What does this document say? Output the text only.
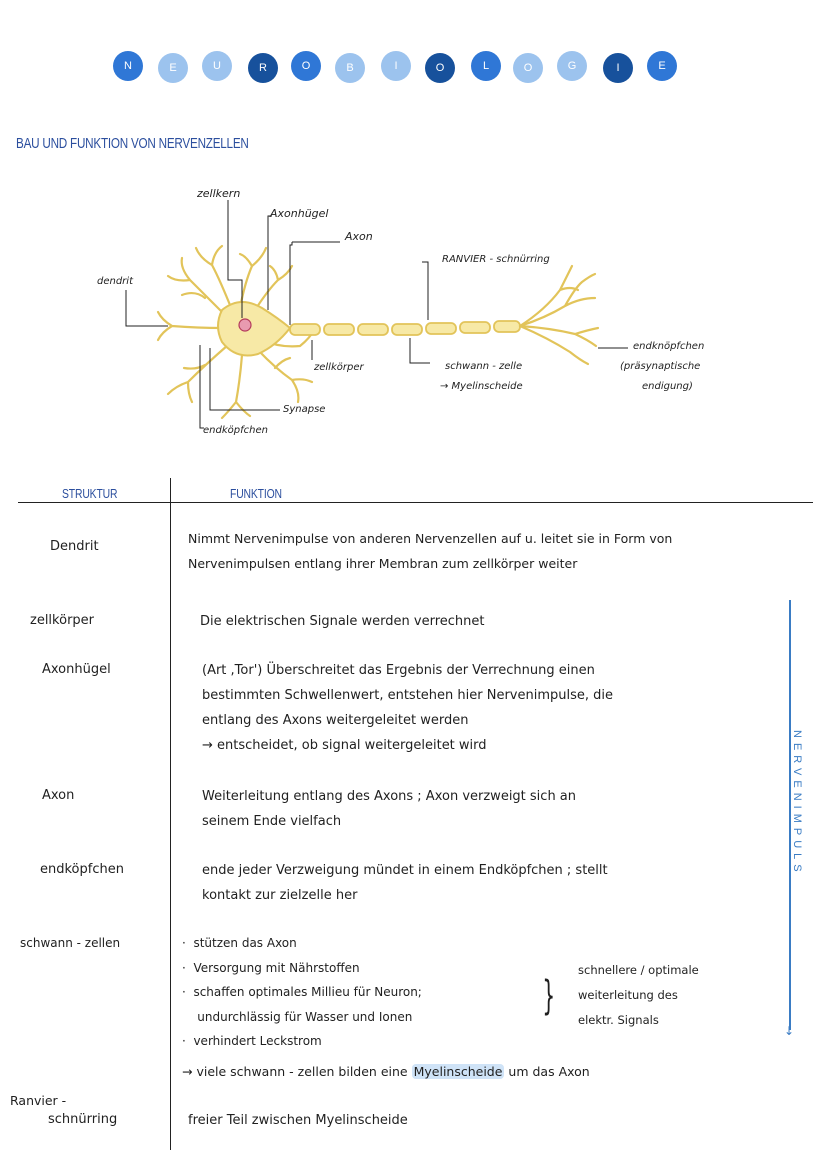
N	E	U	R	O	B	I	O	L	O	G	I	E
BAU UND FUNKTION VON NERVENZELLEN
zellkern
Axonhügel
Axon
RANVIER - schnürring
dendrit
endknöpfchen
(präsynaptische
endigung)
zellkörper	schwann - zelle
→ Myelinscheide
Synapse
endköpfchen
STRUKTUR	FUNKTION
↓
NERVENIMPULS
Dendrit
Nimmt Nervenimpulse von anderen Nervenzellen auf u. leitet sie in Form von
Nervenimpulsen entlang ihrer Membran zum zellkörper weiter
zellkörper	Die elektrischen Signale werden verrechnet
Axonhügel	(Art ,Tor') Überschreitet das Ergebnis der Verrechnung einen
bestimmten Schwellenwert, entstehen hier Nervenimpulse, die
entlang des Axons weitergeleitet werden
→ entscheidet, ob signal weitergeleitet wird
Axon	Weiterleitung entlang des Axons ; Axon verzweigt sich an
seinem Ende vielfach
endköpfchen	ende jeder Verzweigung mündet in einem Endköpfchen ; stellt
kontakt zur zielzelle her
schwann - zellen	·  stützen das Axon
·  Versorgung mit Nährstoffen
·  schaffen optimales Millieu für Neuron;
undurchlässig für Wasser und Ionen
·  verhindert Leckstrom
}
schnellere / optimale
weiterleitung des
elektr. Signals
→ viele schwann - zellen bilden eine Myelinscheide um das Axon
Ranvier -
schnürring	freier Teil zwischen Myelinscheide
